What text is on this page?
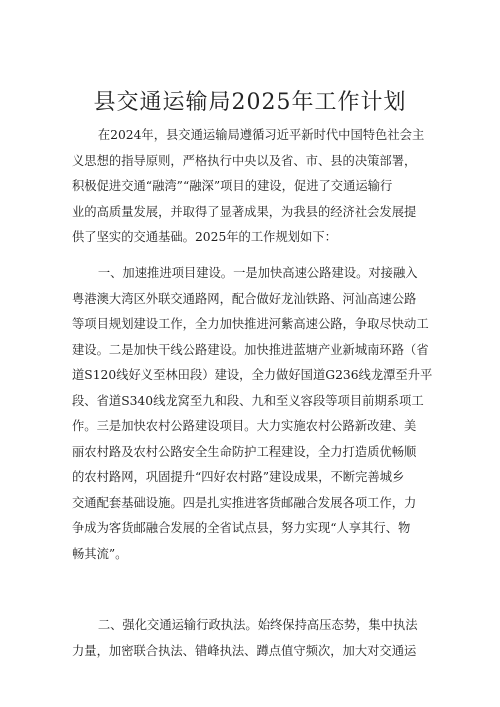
县交通运输局2025年工作计划
在2024年，县交通运输局遵循习近平新时代中国特色社会主
义思想的指导原则，严格执行中央以及省、市、县的决策部署，
积极促进交通“融湾”“融深”项目的建设，促进了交通运输行
业的高质量发展，并取得了显著成果，为我县的经济社会发展提
供了坚实的交通基础。2025年的工作规划如下：
一、加速推进项目建设。一是加快高速公路建设。对接融入
粤港澳大湾区外联交通路网，配合做好龙汕铁路、河汕高速公路
等项目规划建设工作，全力加快推进河紫高速公路，争取尽快动工
建设。二是加快干线公路建设。加快推进蓝塘产业新城南环路（省
道S120线好义至林田段）建设，全力做好国道G236线龙潭至升平
段、省道S340线龙窝至九和段、九和至义容段等项目前期系项工
作。三是加快农村公路建设项目。大力实施农村公路新改建、美
丽农村路及农村公路安全生命防护工程建设，全力打造质优畅顺
的农村路网，巩固提升“四好农村路”建设成果，不断完善城乡
交通配套基础设施。四是扎实推进客货邮融合发展各项工作，力
争成为客货邮融合发展的全省试点县，努力实现“人享其行、物
畅其流”。
二、强化交通运输行政执法。始终保持高压态势，集中执法
力量，加密联合执法、错峰执法、蹲点值守频次，加大对交通运
